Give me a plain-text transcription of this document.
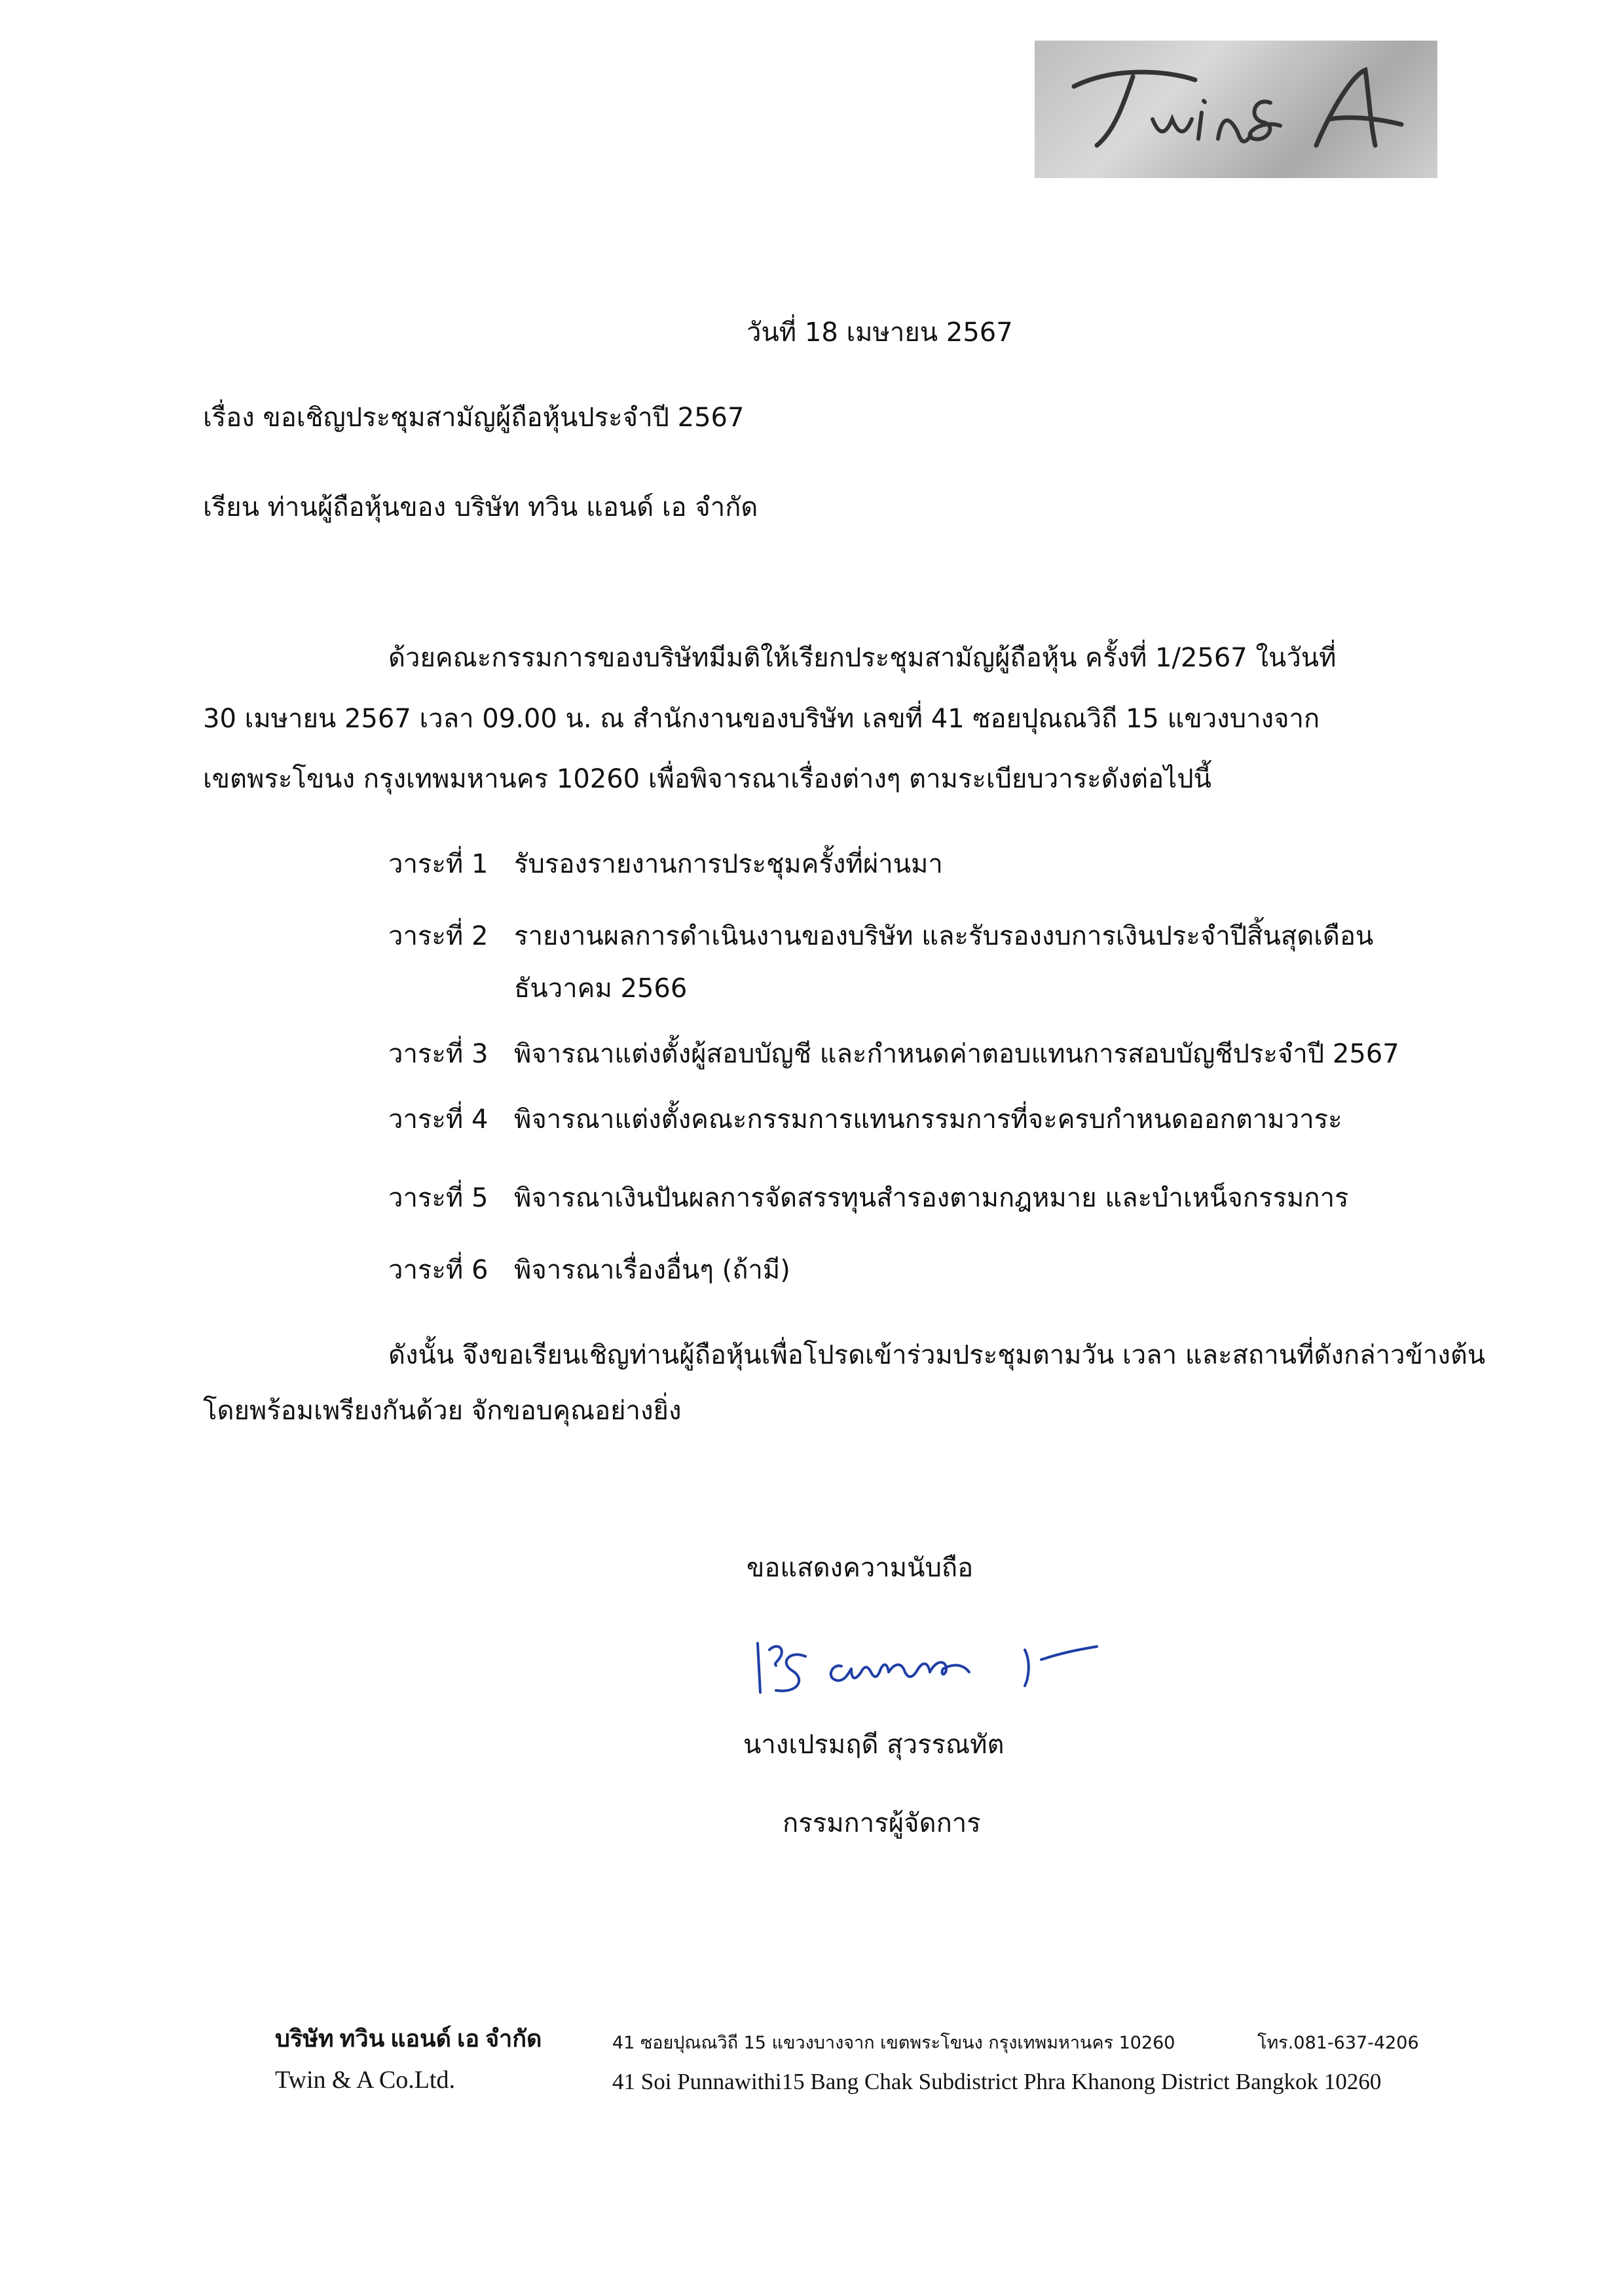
วันที่ 18 เมษายน 2567
เรื่อง ขอเชิญประชุมสามัญผู้ถือหุ้นประจำปี 2567
เรียน ท่านผู้ถือหุ้นของ บริษัท ทวิน แอนด์ เอ จำกัด
ด้วยคณะกรรมการของบริษัทมีมติให้เรียกประชุมสามัญผู้ถือหุ้น ครั้งที่ 1/2567 ในวันที่
30 เมษายน 2567 เวลา 09.00 น. ณ สำนักงานของบริษัท เลขที่ 41 ซอยปุณณวิถี 15 แขวงบางจาก
เขตพระโขนง กรุงเทพมหานคร 10260 เพื่อพิจารณาเรื่องต่างๆ ตามระเบียบวาระดังต่อไปนี้
วาระที่ 1 รับรองรายงานการประชุมครั้งที่ผ่านมา
วาระที่ 2 รายงานผลการดำเนินงานของบริษัท และรับรองงบการเงินประจำปีสิ้นสุดเดือน
ธันวาคม 2566
วาระที่ 3 พิจารณาแต่งตั้งผู้สอบบัญชี และกำหนดค่าตอบแทนการสอบบัญชีประจำปี 2567
วาระที่ 4 พิจารณาแต่งตั้งคณะกรรมการแทนกรรมการที่จะครบกำหนดออกตามวาระ
วาระที่ 5 พิจารณาเงินปันผลการจัดสรรทุนสำรองตามกฎหมาย และบำเหน็จกรรมการ
วาระที่ 6 พิจารณาเรื่องอื่นๆ (ถ้ามี)
ดังนั้น จึงขอเรียนเชิญท่านผู้ถือหุ้นเพื่อโปรดเข้าร่วมประชุมตามวัน เวลา และสถานที่ดังกล่าวข้างต้น
โดยพร้อมเพรียงกันด้วย จักขอบคุณอย่างยิ่ง
ขอแสดงความนับถือ
นางเปรมฤดี สุวรรณทัต
กรรมการผู้จัดการ
บริษัท ทวิน แอนด์ เอ จำกัด
Twin & A Co.Ltd.
41 ซอยปุณณวิถี 15 แขวงบางจาก เขตพระโขนง กรุงเทพมหานคร 10260	โทร.081-637-4206
41 Soi Punnawithi15 Bang Chak Subdistrict Phra Khanong District Bangkok 10260
